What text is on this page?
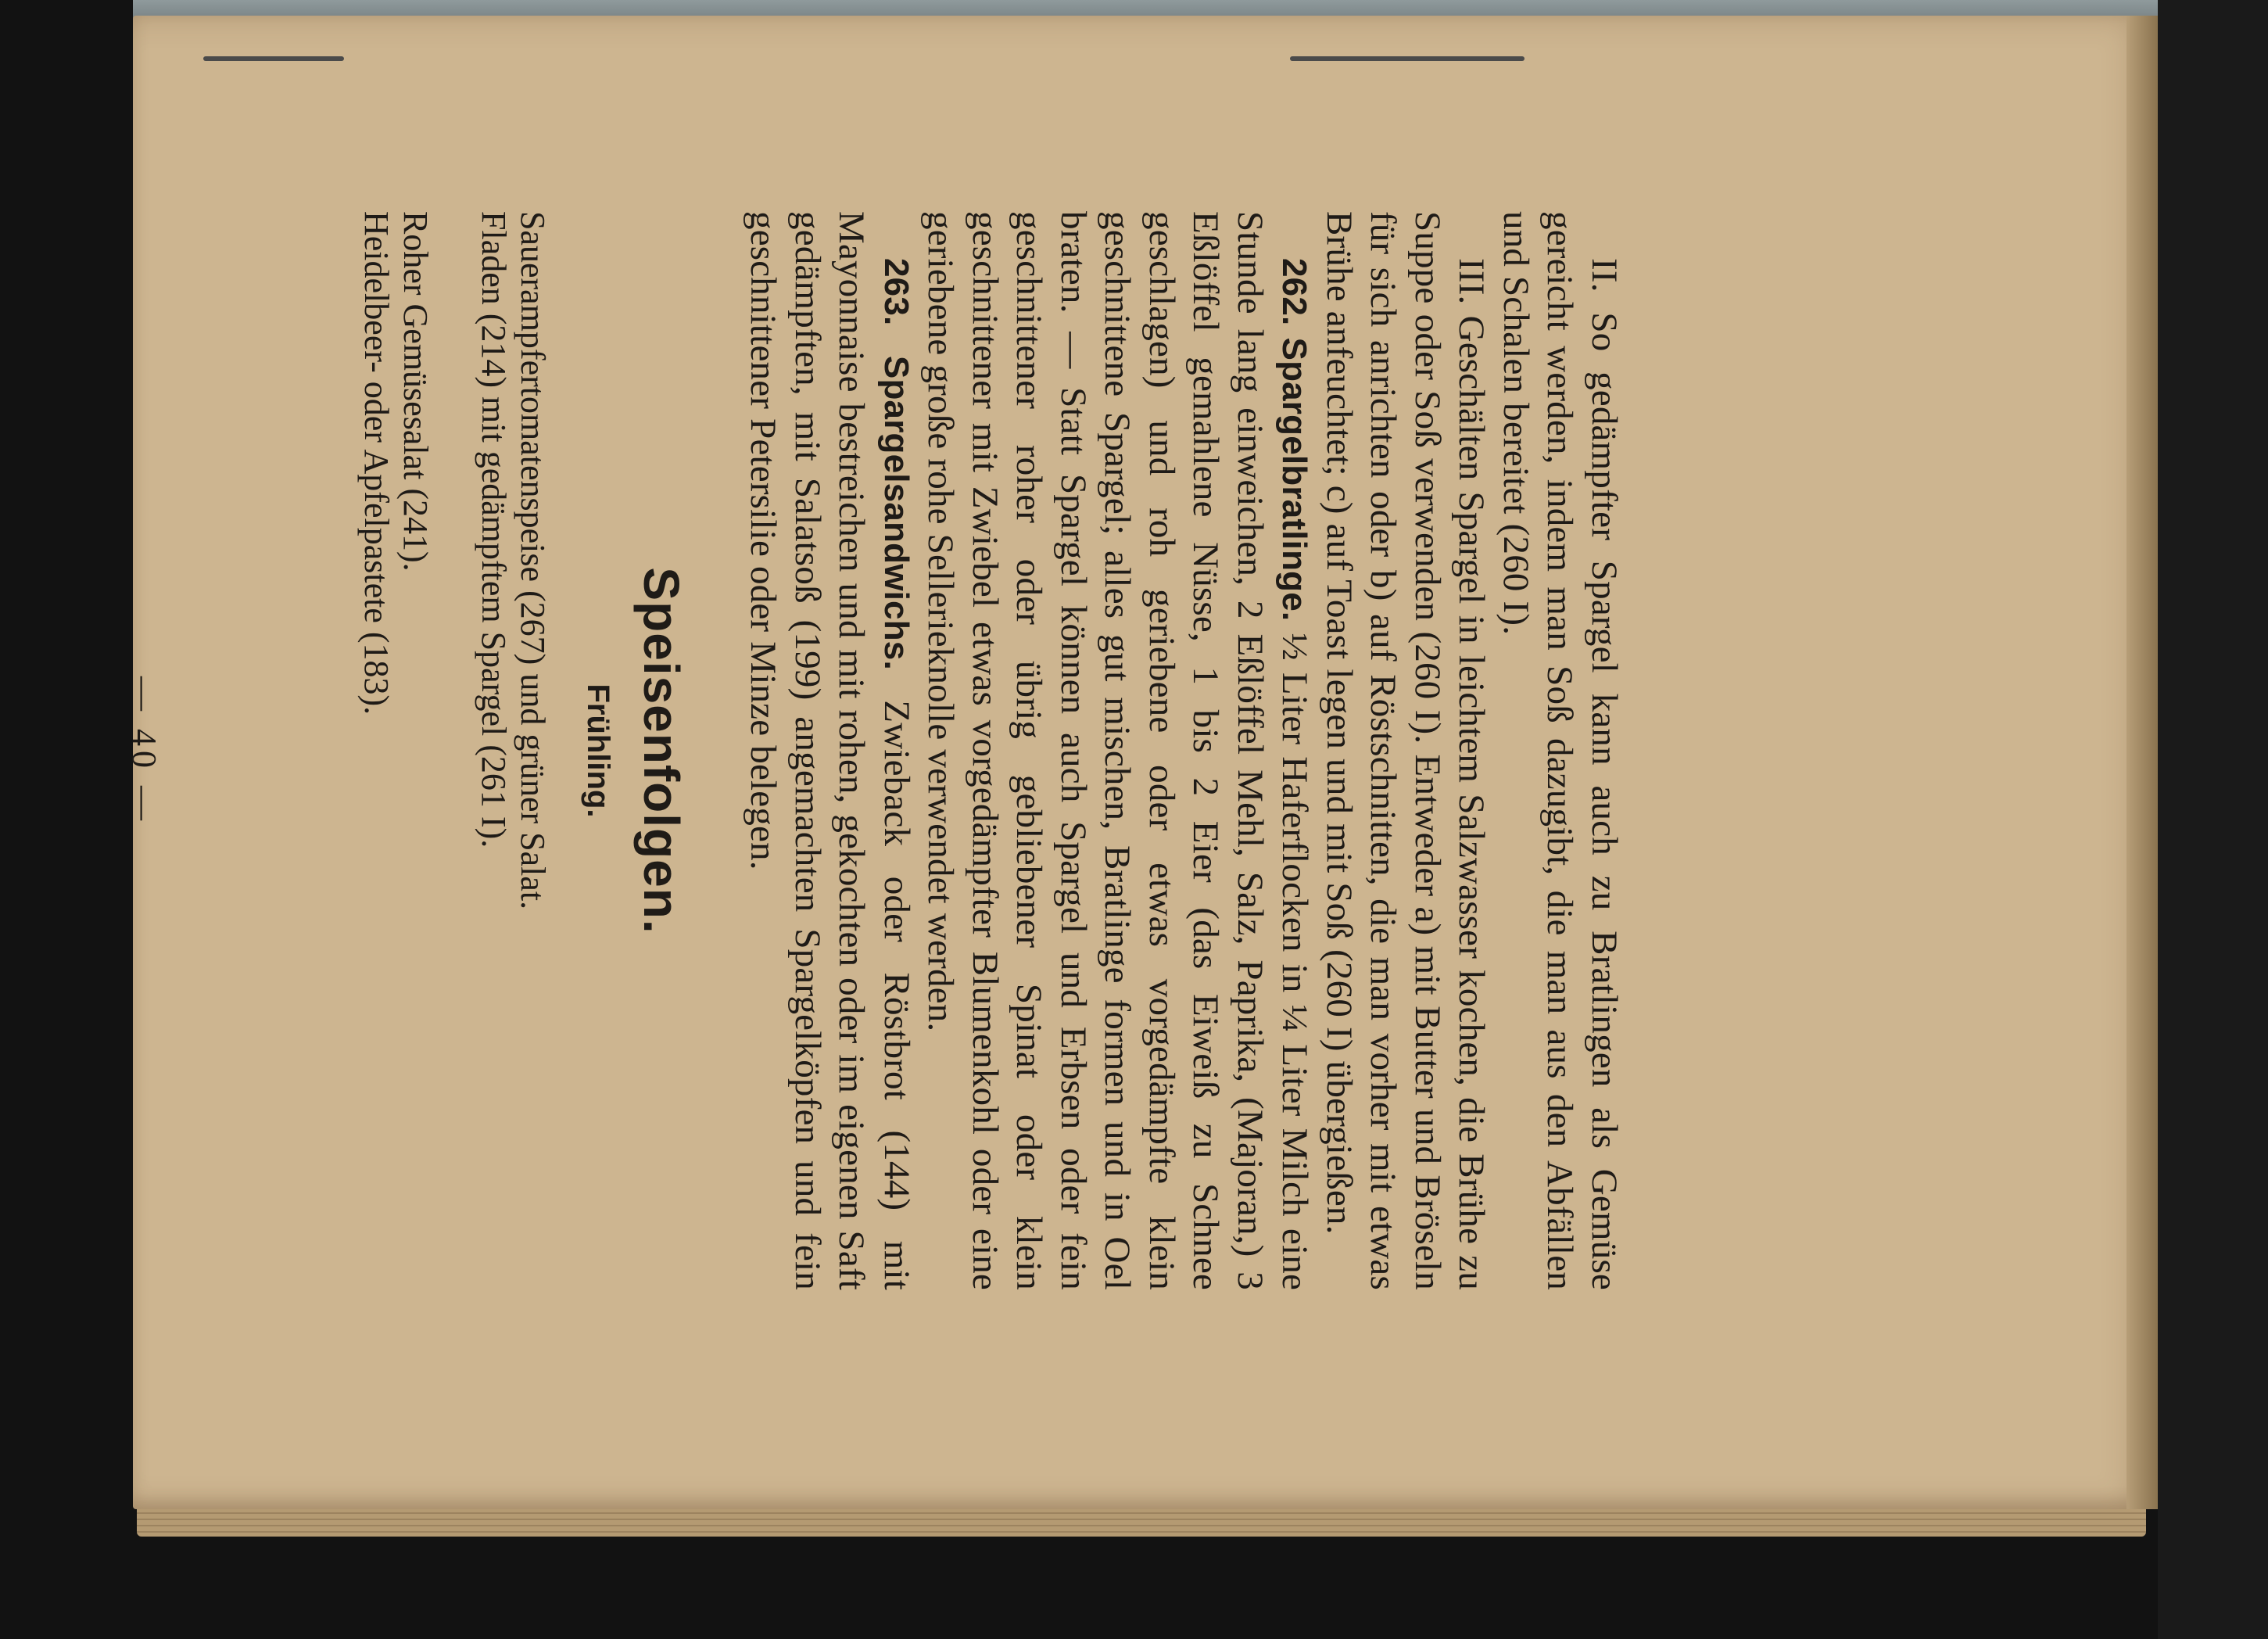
II. So gedämpfter Spargel kann auch zu Bratlingen als Gemüse gereicht werden, indem man Soß dazugibt, die man aus den Abfällen und Schalen bereitet (260 I).

III. Geschälten Spargel in leichtem Salzwasser kochen, die Brühe zu Suppe oder Soß verwenden (260 I). Entweder a) mit Butter und Bröseln für sich anrichten oder b) auf Röstschnitten, die man vorher mit etwas Brühe anfeuchtet; c) auf Toast legen und mit Soß (260 I) übergießen.

262. Spargelbratlinge. ½ Liter Haferflocken in ¼ Liter Milch eine Stunde lang einweichen, 2 Eßlöffel Mehl, Salz, Paprika, (Majoran,) 3 Eßlöffel gemahlene Nüsse, 1 bis 2 Eier (das Eiweiß zu Schnee geschlagen) und roh geriebene oder etwas vorgedämpfte klein geschnittene Spargel; alles gut mischen, Bratlinge formen und in Oel braten. — Statt Spargel können auch Spargel und Erbsen oder fein geschnittener roher oder übrig gebliebener Spinat oder klein geschnittener mit Zwiebel etwas vorgedämpfter Blumenkohl oder eine geriebene große rohe Sellerieknolle verwendet werden.

263. Spargelsandwichs. Zwieback oder Röstbrot (144) mit Mayonnaise bestreichen und mit rohen, gekochten oder im eigenen Saft gedämpften, mit Salatsoß (199) angemachten Spargelköpfen und fein geschnittener Petersilie oder Minze belegen.

Speisenfolgen.
Frühling.

Sauerampfertomatenspeise (267) und grüner Salat.

Fladen (214) mit gedämpftem Spargel (261 I).

Roher Gemüsesalat (241).

Heidelbeer- oder Apfelpastete (183).

— 40 —
